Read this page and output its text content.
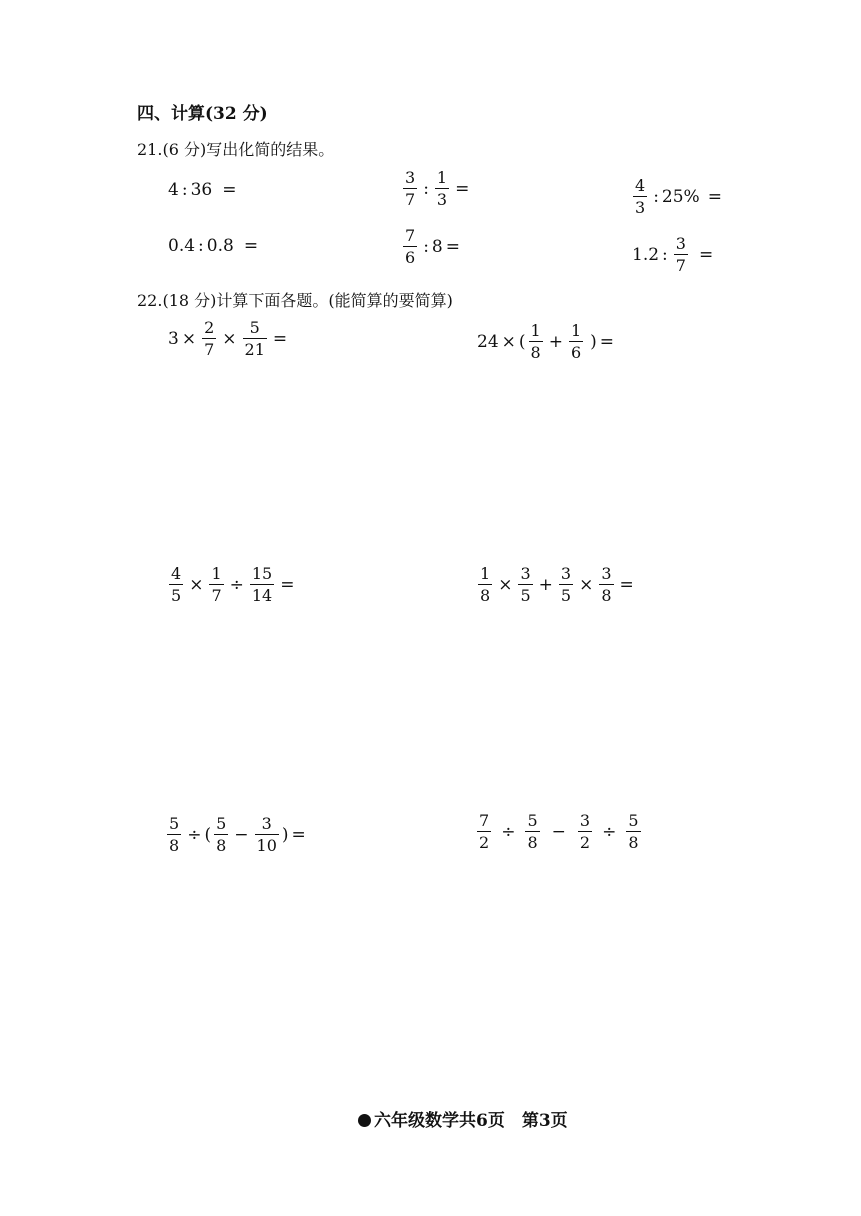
四、计算(32 分)
21.(6 分)写出化简的结果。
4 : 36 =	$\frac{3}{7}$ : $\frac{1}{3}$ =	$\frac{4}{3}$ : 25% =
0.4 : 0.8 =	$\frac{7}{6}$ : 8 =	1.2 : $\frac{3}{7}$ =
22.(18 分)计算下面各题。(能简算的要简算)
$3 \times \frac{2}{7} \times \frac{5}{21}$ =	24 × ( $\frac{1}{8} + \frac{1}{6}$ ) =
$\frac{4}{5} \times \frac{1}{7} \div \frac{15}{14}$ =	$\frac{1}{8} \times \frac{3}{5} + \frac{3}{5} \times \frac{3}{8}$ =
$\frac{5}{8}$ ÷ ( $\frac{5}{8} - \frac{3}{10}$ ) =	$\frac{7}{2} \div \frac{5}{8} - \frac{3}{2} \div \frac{5}{8}$
六年级数学共6页　第3页
